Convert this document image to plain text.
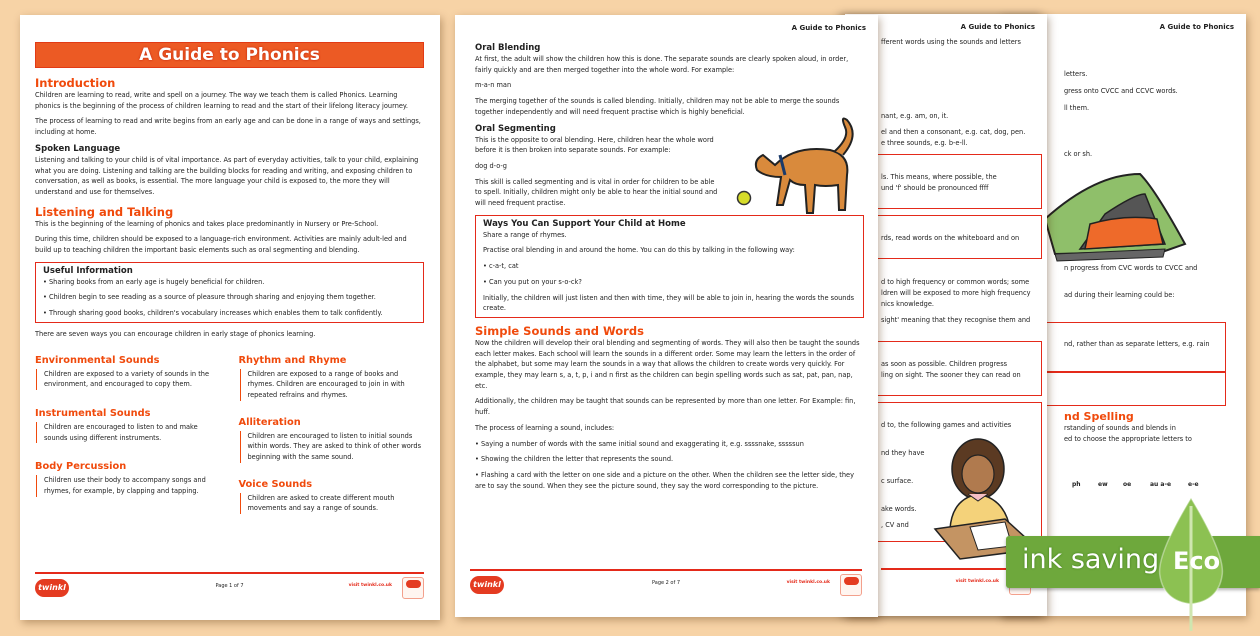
A Guide to Phonics
Introduction

Children are learning to read, write and spell on a journey. The way we teach them is called Phonics. Learning phonics is the beginning of the process of children learning to read and the start of their lifelong literacy journey.

The process of learning to read and write begins from an early age and can be done in a range of ways and settings, including at home.

Spoken Language

Listening and talking to your child is of vital importance. As part of everyday activities, talk to your child, explaining what you are doing. Listening and talking are the building blocks for reading and writing, and exposing children to conversation, as well as books, is essential. The more language your child is exposed to, the more they will understand and use for themselves.

Listening and Talking

This is the beginning of the learning of phonics and takes place predominantly in Nursery or Pre-School.

During this time, children should be exposed to a language-rich environment. Activities are mainly adult-led and build up to teaching children the important basic elements such as oral segmenting and blending.

Useful Information
• Sharing books from an early age is hugely beneficial for children.
• Children begin to see reading as a source of pleasure through sharing and enjoying them together.
• Through sharing good books, children's vocabulary increases which enables them to talk confidently.

There are seven ways you can encourage children in early stage of phonics learning.

Environmental Sounds

Children are exposed to a variety of sounds in the environment, and encouraged to copy them.

Instrumental Sounds

Children are encouraged to listen to and make sounds using different instruments.

Body Percussion

Children use their body to accompany songs and rhymes, for example, by clapping and tapping.

Rhythm and Rhyme

Children are exposed to a range of books and rhymes. Children are encouraged to join in with repeated refrains and rhymes.

Alliteration

Children are encouraged to listen to initial sounds within words. They are asked to think of other words beginning with the same sound.

Voice Sounds

Children are asked to create different mouth movements and say a range of sounds.

twinkl	Page 1 of 7	visit twinkl.co.uk
A Guide to Phonics
Oral Blending

At first, the adult will show the children how this is done. The separate sounds are clearly spoken aloud, in order, fairly quickly and are then merged together into the whole word. For example:

m-a-n man

The merging together of the sounds is called blending. Initially, children may not be able to merge the sounds together independently and will need frequent practise which is highly beneficial.

Oral Segmenting

This is the opposite to oral blending. Here, children hear the whole word before it is then broken into separate sounds. For example:

dog d-o-g

This skill is called segmenting and is vital in order for children to be able to spell. Initially, children might only be able to hear the initial sound and will need frequent practise.

Ways You Can Support Your Child at Home

Share a range of rhymes.

Practise oral blending in and around the home. You can do this by talking in the following way:

• c-a-t, cat
• Can you put on your s-o-ck?

Initially, the children will just listen and then with time, they will be able to join in, hearing the words the sounds create.

Simple Sounds and Words

Now the children will develop their oral blending and segmenting of words. They will also then be taught the sounds each letter makes. Each school will learn the sounds in a different order. Some may learn the letters in the order of the alphabet, but some may learn the sounds in a way that allows the children to create words very quickly. For example, they may learn s, a, t, p, i and n first as the children can begin spelling words such as sat, pat, pan, nap, etc.

Additionally, the children may be taught that sounds can be represented by more than one letter. For Example: fin, huff.

The process of learning a sound, includes:

• Saying a number of words with the same initial sound and exaggerating it, e.g. ssssnake, sssssun
• Showing the children the letter that represents the sound.
• Flashing a card with the letter on one side and a picture on the other. When the children see the letter side, they are to say the sound. When they see the picture sound, they say the word corresponding to the picture.
twinkl	Page 2 of 7	visit twinkl.co.uk
A Guide to Phonics
fferent words using the sounds and letters
nant, e.g. am, on, it.
el and then a consonant, e.g. cat, dog, pen.
e three sounds, e.g. b-e-ll.
ls. This means, where possible, the
und 'f' should be pronounced ffff
rds, read words on the whiteboard and on
d to high frequency or common words; some
ldren will be exposed to more high frequency
nics knowledge.
sight' meaning that they recognise them and
as soon as possible. Children progress
ling on sight. The sooner they can read on
d to, the following games and activities
nd they have
c surface.
ake words.
, CV and
visit twinkl.co.uk
A Guide to Phonics
letters.
gress onto CVCC and CCVC words.
ll them.
ck or sh.
n progress from CVC words to CVCC and
ad during their learning could be:
nd, rather than as separate letters, e.g. rain
nd Spelling
rstanding of sounds and blends in
ed to choose the appropriate letters to
ph	ew	oe	au a-e	e-e
ink saving Eco
